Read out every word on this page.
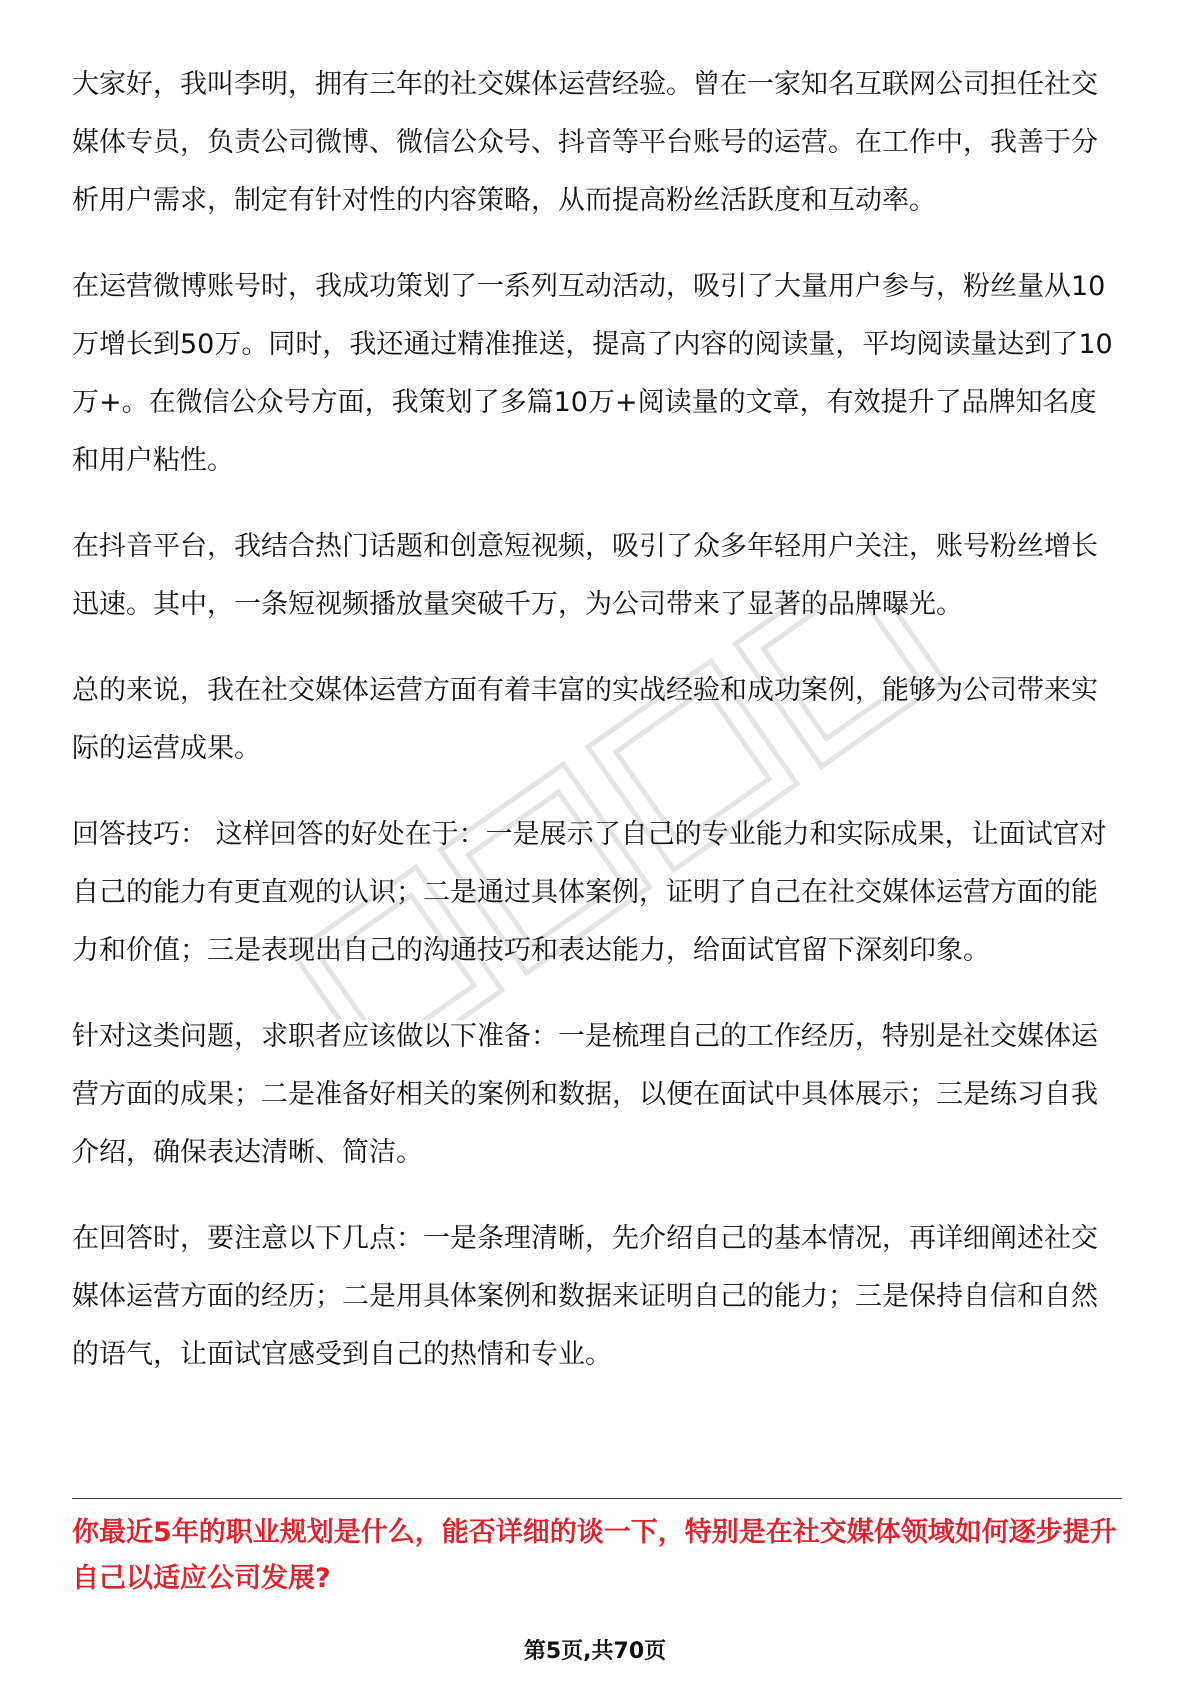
大家好，我叫李明，拥有三年的社交媒体运营经验。曾在一家知名互联网公司担任社交媒体专员，负责公司微博、微信公众号、抖音等平台账号的运营。在工作中，我善于分析用户需求，制定有针对性的内容策略，从而提高粉丝活跃度和互动率。

在运营微博账号时，我成功策划了一系列互动活动，吸引了大量用户参与，粉丝量从10万增长到50万。同时，我还通过精准推送，提高了内容的阅读量，平均阅读量达到了10万+。在微信公众号方面，我策划了多篇10万+阅读量的文章，有效提升了品牌知名度和用户粘性。

在抖音平台，我结合热门话题和创意短视频，吸引了众多年轻用户关注，账号粉丝增长迅速。其中，一条短视频播放量突破千万，为公司带来了显著的品牌曝光。

总的来说，我在社交媒体运营方面有着丰富的实战经验和成功案例，能够为公司带来实际的运营成果。

回答技巧： 这样回答的好处在于：一是展示了自己的专业能力和实际成果，让面试官对自己的能力有更直观的认识；二是通过具体案例，证明了自己在社交媒体运营方面的能力和价值；三是表现出自己的沟通技巧和表达能力，给面试官留下深刻印象。

针对这类问题，求职者应该做以下准备：一是梳理自己的工作经历，特别是社交媒体运营方面的成果；二是准备好相关的案例和数据，以便在面试中具体展示；三是练习自我介绍，确保表达清晰、简洁。

在回答时，要注意以下几点：一是条理清晰，先介绍自己的基本情况，再详细阐述社交媒体运营方面的经历；二是用具体案例和数据来证明自己的能力；三是保持自信和自然的语气，让面试官感受到自己的热情和专业。

你最近5年的职业规划是什么，能否详细的谈一下，特别是在社交媒体领域如何逐步提升自己以适应公司发展?
第5页,共70页
